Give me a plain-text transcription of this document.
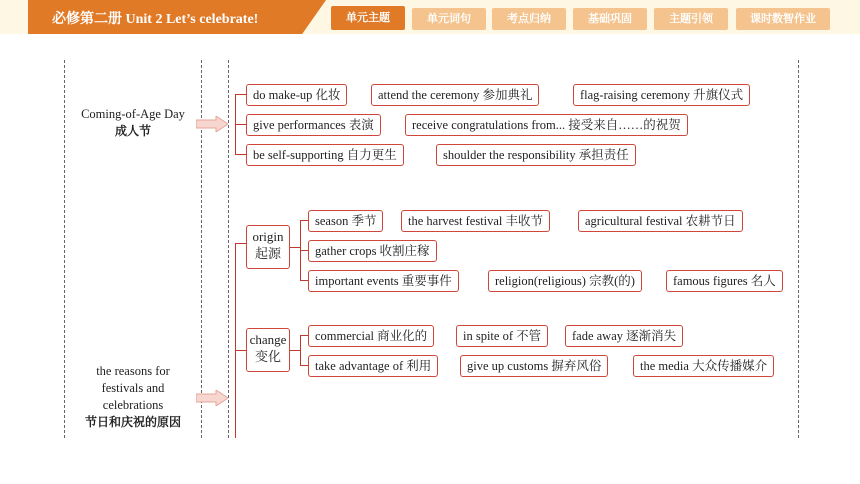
必修第二册 Unit 2 Let’s celebrate!	单元主题	单元词句	考点归纳	基础巩固	主题引领	课时数智作业
Coming-of-Age Day
成人节
the reasons for festivals and celebrations
节日和庆祝的原因
do make-up 化妆	attend the ceremony 参加典礼	flag-raising ceremony 升旗仪式
give performances 表演	receive congratulations from... 接受来自……的祝贺
be self-supporting 自力更生	shoulder the responsibility 承担责任
origin
起源
season 季节	the harvest festival 丰收节	agricultural festival 农耕节日
gather crops 收割庄稼
important events 重要事件	religion(religious) 宗教(的)	famous figures 名人
change
变化
commercial 商业化的	in spite of 不管	fade away 逐渐消失
take advantage of 利用	give up customs 摒弃风俗	the media 大众传播媒介
